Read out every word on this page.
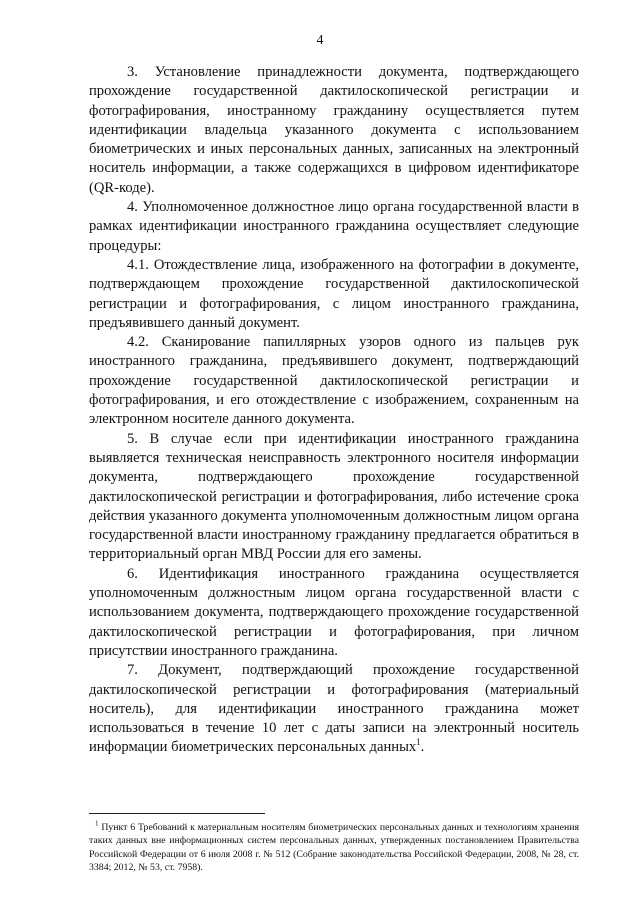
4

3. Установление принадлежности документа, подтверждающего прохождение государственной дактилоскопической регистрации и фотографирования, иностранному гражданину осуществляется путем идентификации владельца указанного документа с использованием биометрических и иных персональных данных, записанных на электронный носитель информации, а также содержащихся в цифровом идентификаторе (QR-коде).

4. Уполномоченное должностное лицо органа государственной власти в рамках идентификации иностранного гражданина осуществляет следующие процедуры:

4.1. Отождествление лица, изображенного на фотографии в документе, подтверждающем прохождение государственной дактилоскопической регистрации и фотографирования, с лицом иностранного гражданина, предъявившего данный документ.

4.2. Сканирование папиллярных узоров одного из пальцев рук иностранного гражданина, предъявившего документ, подтверждающий прохождение государственной дактилоскопической регистрации и фотографирования, и его отождествление с изображением, сохраненным на электронном носителе данного документа.

5. В случае если при идентификации иностранного гражданина выявляется техническая неисправность электронного носителя информации документа, подтверждающего прохождение государственной дактилоскопической регистрации и фотографирования, либо истечение срока действия указанного документа уполномоченным должностным лицом органа государственной власти иностранному гражданину предлагается обратиться в территориальный орган МВД России для его замены.

6. Идентификация иностранного гражданина осуществляется уполномоченным должностным лицом органа государственной власти с использованием документа, подтверждающего прохождение государственной дактилоскопической регистрации и фотографирования, при личном присутствии иностранного гражданина.

7. Документ, подтверждающий прохождение государственной дактилоскопической регистрации и фотографирования (материальный носитель), для идентификации иностранного гражданина может использоваться в течение 10 лет с даты записи на электронный носитель информации биометрических персональных данных$^1$.

$^1$ Пункт 6 Требований к материальным носителям биометрических персональных данных и технологиям хранения таких данных вне информационных систем персональных данных, утвержденных постановлением Правительства Российской Федерации от 6 июля 2008 г. № 512 (Собрание законодательства Российской Федерации, 2008, № 28, ст. 3384; 2012, № 53, ст. 7958).
